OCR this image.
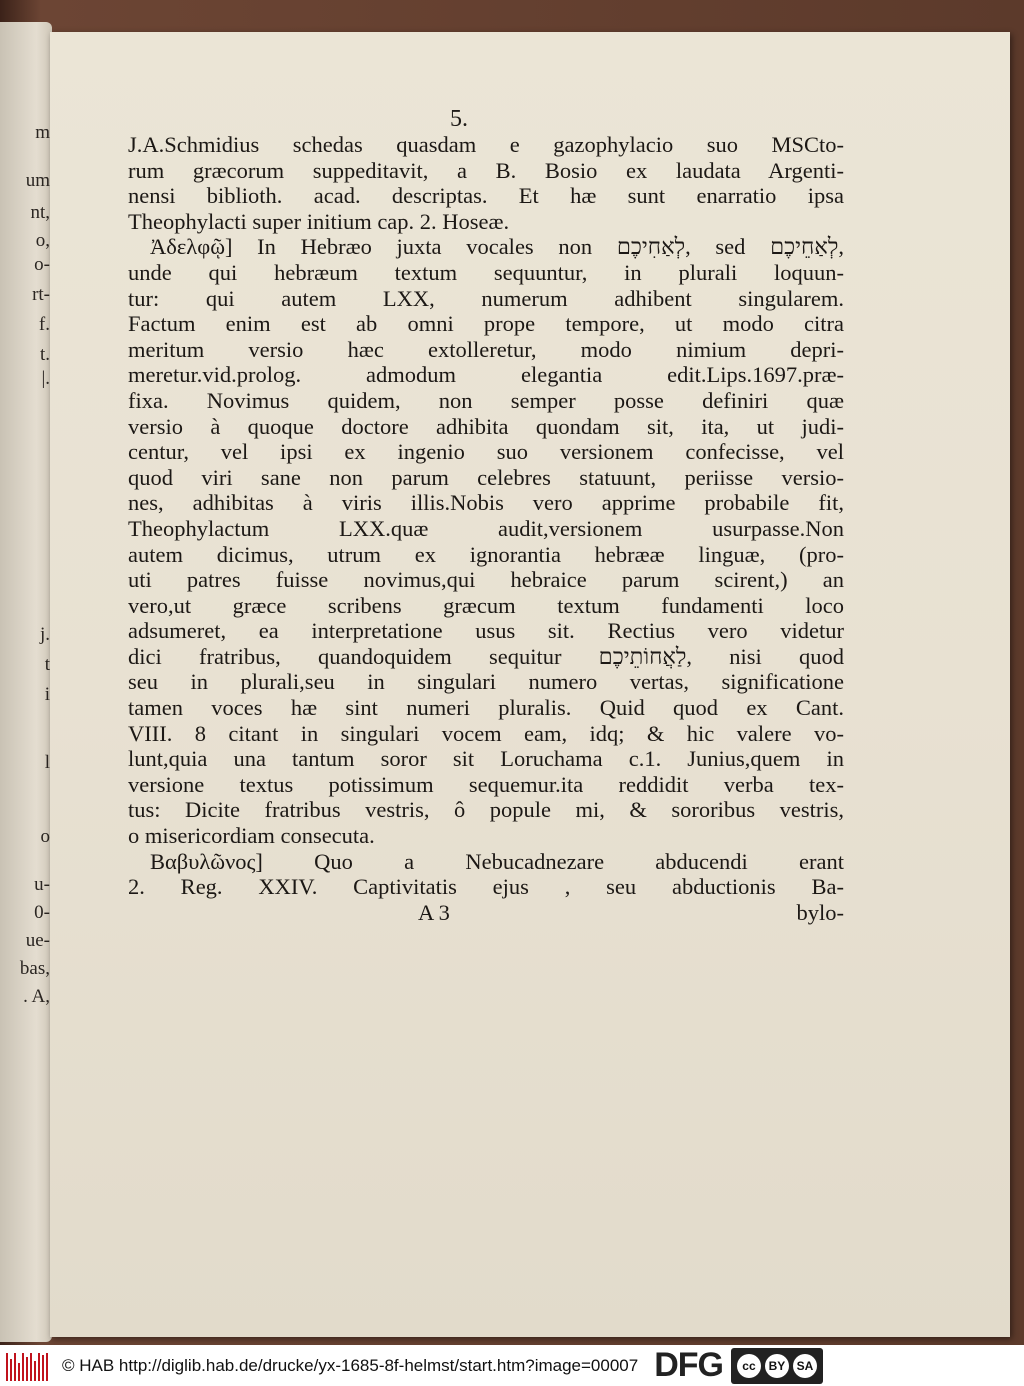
m
um
nt,
o,
o-
rt-
f.
t.
|.
j.
t
i
l
o
u-
0-
ue-
bas,
. A,
5.
J.A.Schmidius schedas quasdam e gazophylacio suo MSCto-
rum græcorum suppeditavit, a B. Bosio ex laudata Argenti-
nensi biblioth. acad. descriptas. Et hæ sunt enarratio ipsa
Theophylacti super initium cap. 2. Hoseæ.
Ἀδελφῷ] In Hebræo juxta vocales non לְאַחִיכֶם, sed לְאַחֵיכֶם,
unde qui hebræum textum sequuntur, in plurali loquun-
tur: qui autem LXX, numerum adhibent singularem.
Factum enim est ab omni prope tempore, ut modo citra
meritum versio hæc extolleretur, modo nimium depri-
meretur.vid.prolog. admodum elegantia edit.Lips.1697.præ-
fixa. Novimus quidem, non semper posse definiri quæ
versio à quoque doctore adhibita quondam sit, ita, ut judi-
centur, vel ipsi ex ingenio suo versionem confecisse, vel
quod viri sane non parum celebres statuunt, periisse versio-
nes, adhibitas à viris illis.Nobis vero apprime probabile fit,
Theophylactum LXX.quæ audit,versionem usurpasse.Non
autem dicimus, utrum ex ignorantia hebrææ linguæ, (pro-
uti patres fuisse novimus,qui hebraice parum scirent,) an
vero,ut græce scribens græcum textum fundamenti loco
adsumeret, ea interpretatione usus sit. Rectius vero videtur
dici fratribus, quandoquidem sequitur לַאֲחוֹתֵיכֶם, nisi quod
seu in plurali,seu in singulari numero vertas, significatione
tamen voces hæ sint numeri pluralis. Quid quod ex Cant.
VIII. 8 citant in singulari vocem eam, idq; & hic valere vo-
lunt,quia una tantum soror sit Loruchama c.1. Junius,quem in
versione textus potissimum sequemur.ita reddidit verba tex-
tus: Dicite fratribus vestris, ô popule mi, & sororibus vestris,
o misericordiam consecuta.
Βαβυλῶνος] Quo a Nebucadnezare abducendi erant
2. Reg. XXIV. Captivitatis ejus , seu abductionis Ba-
A 3	bylo-
© HAB http://diglib.hab.de/drucke/yx-1685-8f-helmst/start.htm?image=00007 DFG	cc	BY SA
